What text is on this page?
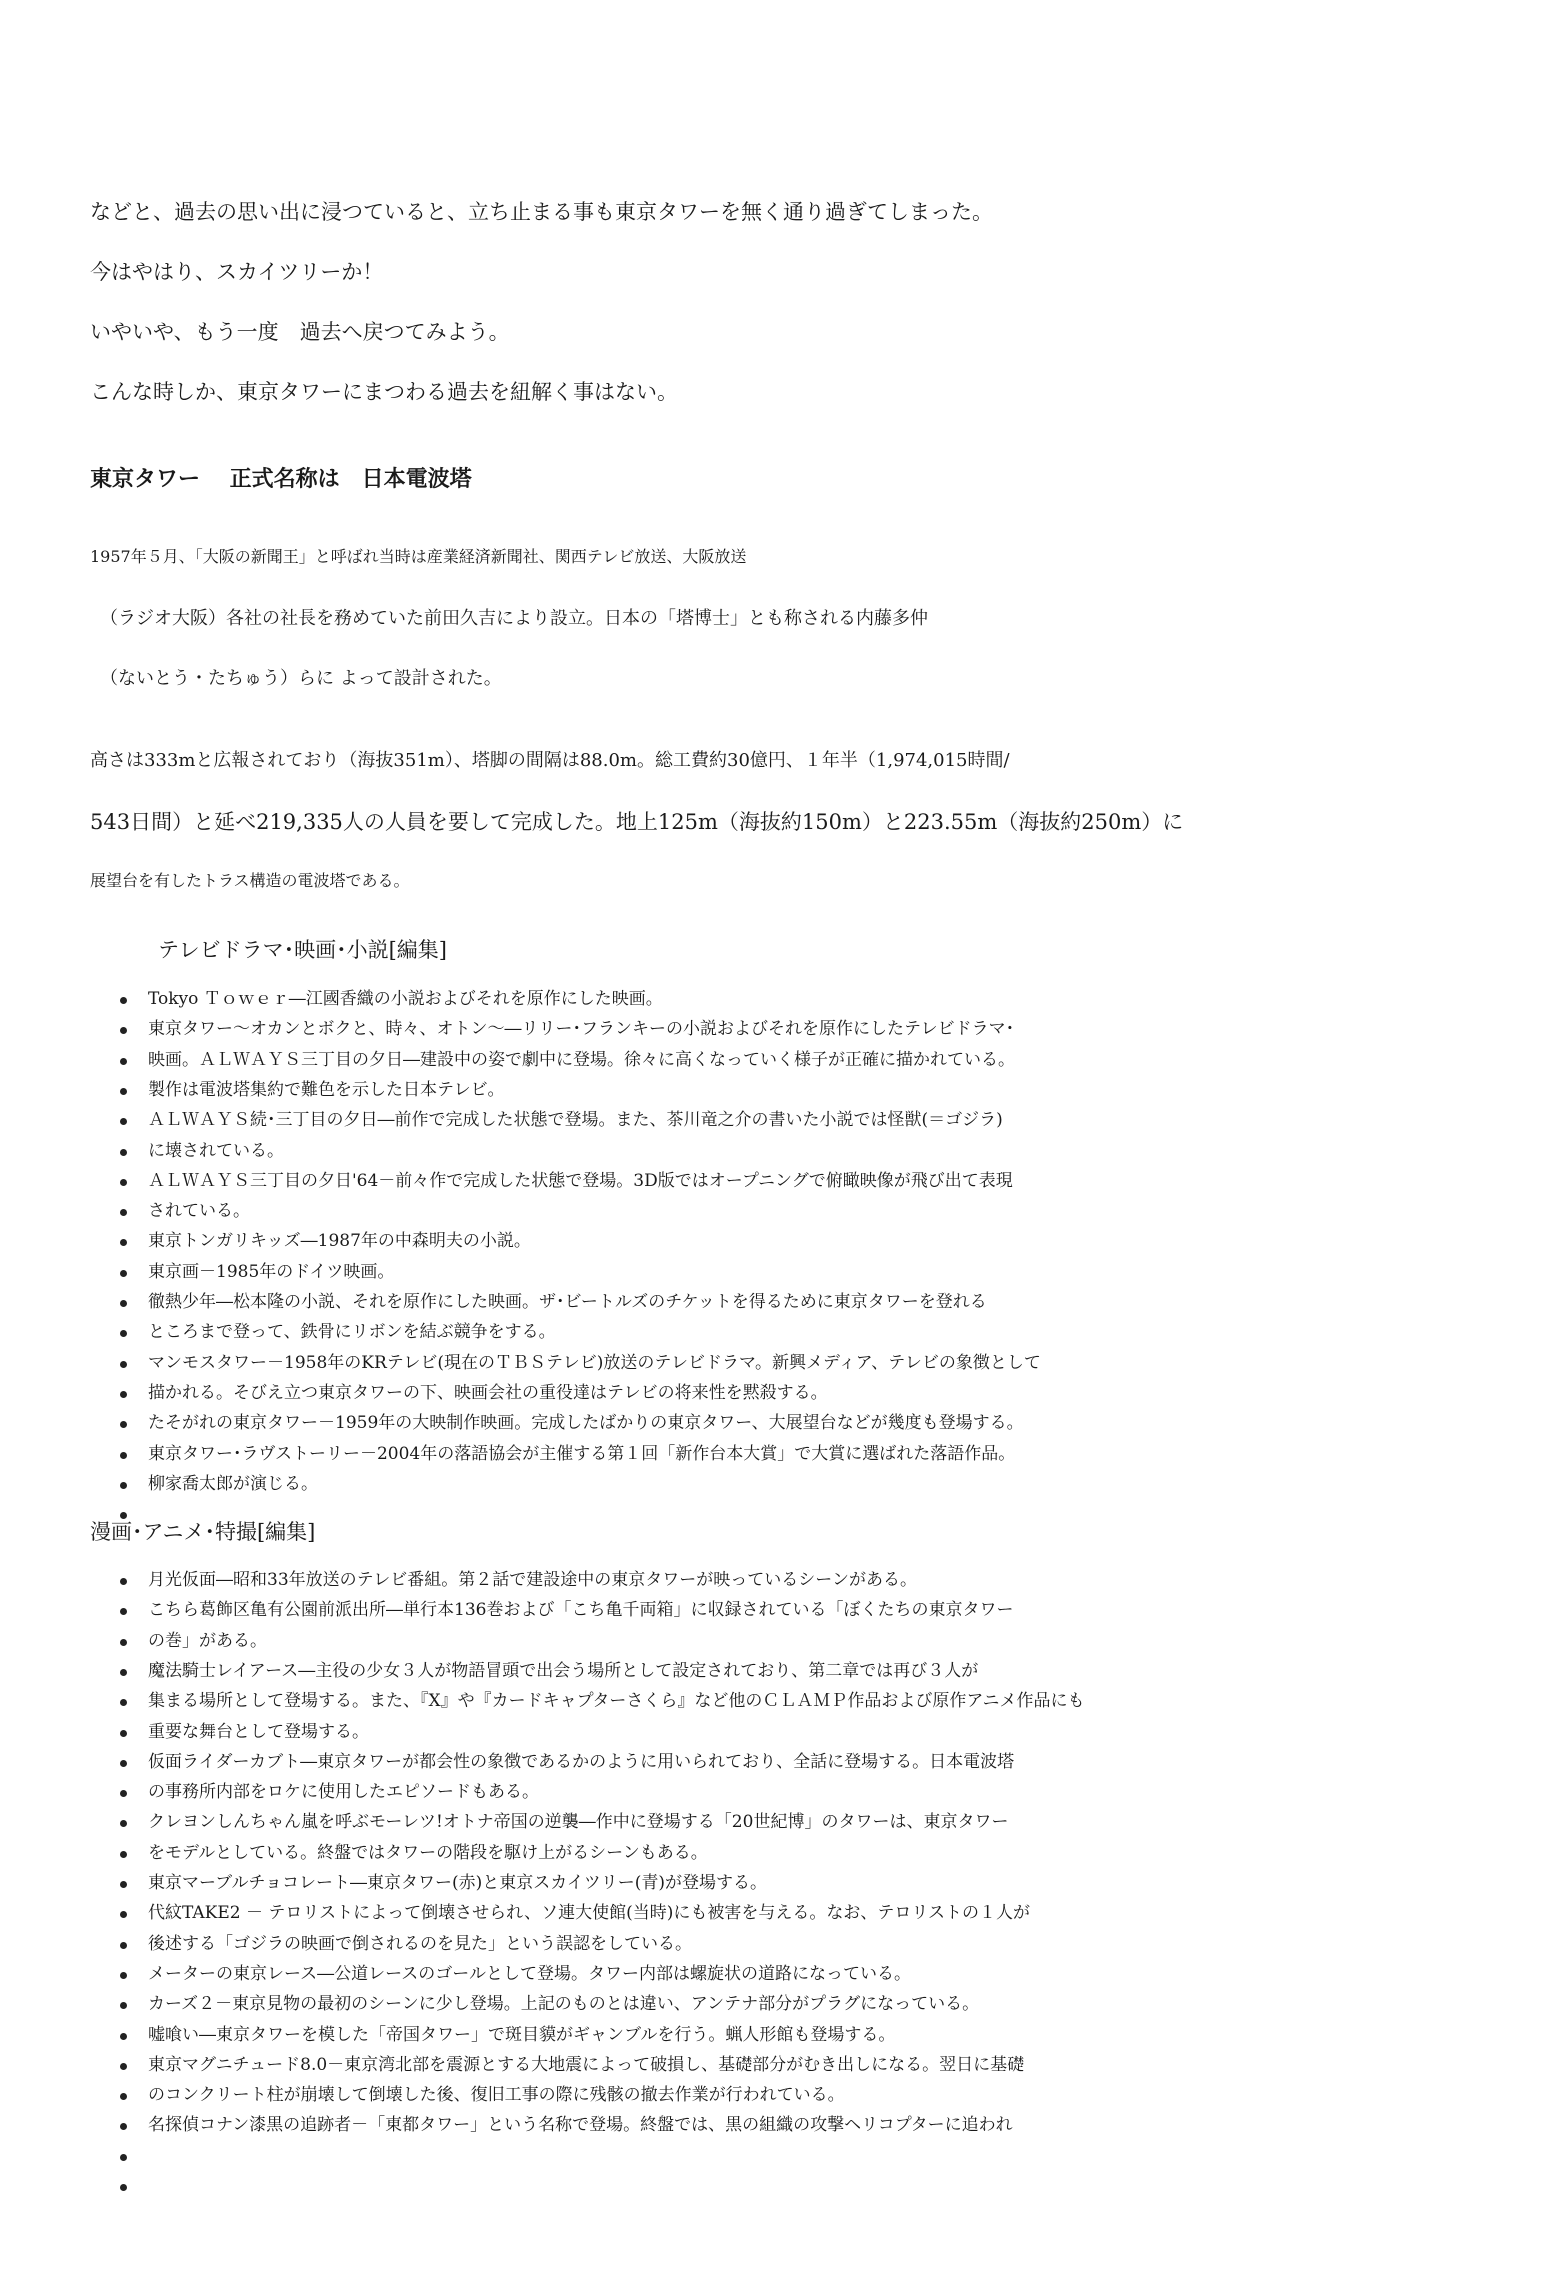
などと、過去の思い出に浸つていると、立ち止まる事も東京タワーを無く通り過ぎてしまった。
今はやはり、スカイツリーか！
いやいや、もう一度　過去へ戻つてみよう。
こんな時しか、東京タワーにまつわる過去を紐解く事はない。
東京タワー　 正式名称は　日本電波塔
1957年５月、「大阪の新聞王」と呼ばれ当時は産業経済新聞社、関西テレビ放送、大阪放送
（ラジオ大阪）各社の社長を務めていた前田久吉により設立。日本の「塔博士」とも称される内藤多仲
（ないとう・たちゅう）らに よって設計された。
高さは333mと広報されており（海抜351m）、塔脚の間隔は88.0m。総工費約30億円、１年半（1,974,015時間/
543日間）と延べ219,335人の人員を要して完成した。地上125m（海抜約150m）と223.55m（海抜約250m）に
展望台を有したトラス構造の電波塔である。
テレビドラマ･映画･小説[編集]
Tokyo Ｔｏｗｅｒ―江國香織の小説およびそれを原作にした映画。
東京タワー～オカンとボクと、時々、オトン～―リリー･フランキーの小説およびそれを原作にしたテレビドラマ･
映画。ＡＬＷＡＹＳ三丁目の夕日―建設中の姿で劇中に登場。徐々に高くなっていく様子が正確に描かれている。
製作は電波塔集約で難色を示した日本テレビ。
ＡＬＷＡＹＳ続･三丁目の夕日―前作で完成した状態で登場。また、茶川竜之介の書いた小説では怪獣(＝ゴジラ)
に壊されている。
ＡＬＷＡＹＳ三丁目の夕日'64－前々作で完成した状態で登場。3D版ではオープニングで俯瞰映像が飛び出て表現
されている。
東京トンガリキッズ―1987年の中森明夫の小説。
東京画－1985年のドイツ映画。
徹熱少年―松本隆の小説、それを原作にした映画。ザ･ビートルズのチケットを得るために東京タワーを登れる
ところまで登って、鉄骨にリボンを結ぶ競争をする。
マンモスタワー－1958年のKRテレビ(現在のＴＢＳテレビ)放送のテレビドラマ。新興メディア、テレビの象徴として
描かれる。そびえ立つ東京タワーの下、映画会社の重役達はテレビの将来性を黙殺する。
たそがれの東京タワー－1959年の大映制作映画。完成したばかりの東京タワー、大展望台などが幾度も登場する。
東京タワー･ラヴストーリー－2004年の落語協会が主催する第１回「新作台本大賞」で大賞に選ばれた落語作品。
柳家喬太郎が演じる。
漫画･アニメ･特撮[編集]
月光仮面―昭和33年放送のテレビ番組。第２話で建設途中の東京タワーが映っているシーンがある。
こちら葛飾区亀有公園前派出所―単行本136巻および「こち亀千両箱」に収録されている「ぼくたちの東京タワー
の巻」がある。
魔法騎士レイアース―主役の少女３人が物語冒頭で出会う場所として設定されており、第二章では再び３人が
集まる場所として登場する。また、『X』や『カードキャプターさくら』など他のＣＬＡＭＰ作品および原作アニメ作品にも
重要な舞台として登場する。
仮面ライダーカブト―東京タワーが都会性の象徴であるかのように用いられており、全話に登場する。日本電波塔
の事務所内部をロケに使用したエピソードもある。
クレヨンしんちゃん嵐を呼ぶモーレツ!オトナ帝国の逆襲―作中に登場する「20世紀博」のタワーは、東京タワー
をモデルとしている。終盤ではタワーの階段を駆け上がるシーンもある。
東京マーブルチョコレート―東京タワー(赤)と東京スカイツリー(青)が登場する。
代紋TAKE2 － テロリストによって倒壊させられ、ソ連大使館(当時)にも被害を与える。なお、テロリストの１人が
後述する「ゴジラの映画で倒されるのを見た」という誤認をしている。
メーターの東京レース―公道レースのゴールとして登場。タワー内部は螺旋状の道路になっている。
カーズ２－東京見物の最初のシーンに少し登場。上記のものとは違い、アンテナ部分がプラグになっている。
嘘喰い―東京タワーを模した「帝国タワー」で斑目貘がギャンブルを行う。蝋人形館も登場する。
東京マグニチュード8.0－東京湾北部を震源とする大地震によって破損し、基礎部分がむき出しになる。翌日に基礎
のコンクリート柱が崩壊して倒壊した後、復旧工事の際に残骸の撤去作業が行われている。
名探偵コナン漆黒の追跡者－「東都タワー」という名称で登場。終盤では、黒の組織の攻撃ヘリコプターに追われ
